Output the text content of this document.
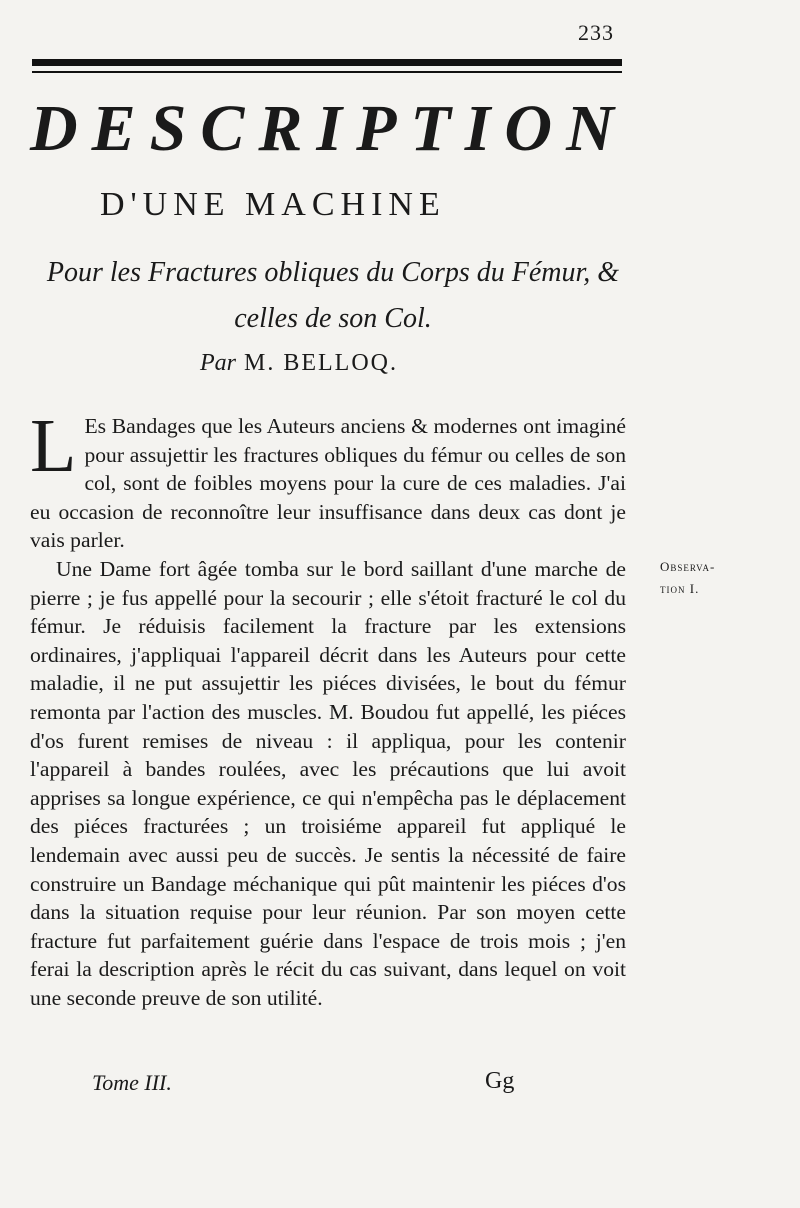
233
DESCRIPTION
D'UNE MACHINE
Pour les Fractures obliques du Corps du Fémur, & celles de son Col.
Par M. BELLOQ.

L Es Bandages que les Auteurs anciens & modernes ont imaginé pour assujettir les fractures obliques du fémur ou celles de son col, sont de foibles moyens pour la cure de ces maladies. J'ai eu occasion de reconnoître leur insuffisance dans deux cas dont je vais parler.

Une Dame fort âgée tomba sur le bord saillant d'une marche de pierre ; je fus appellé pour la secourir ; elle s'étoit fracturé le col du fémur. Je réduisis facilement la fracture par les extensions ordinaires, j'appliquai l'appareil décrit dans les Auteurs pour cette maladie, il ne put assujettir les piéces divisées, le bout du fémur remonta par l'action des muscles. M. Boudou fut appellé, les piéces d'os furent remises de niveau : il appliqua, pour les contenir l'appareil à bandes roulées, avec les précautions que lui avoit apprises sa longue expérience, ce qui n'empêcha pas le déplacement des piéces fracturées ; un troisiéme appareil fut appliqué le lendemain avec aussi peu de succès. Je sentis la nécessité de faire construire un Bandage méchanique qui pût maintenir les piéces d'os dans la situation requise pour leur réunion. Par son moyen cette fracture fut parfaitement guérie dans l'espace de trois mois ; j'en ferai la description après le récit du cas suivant, dans lequel on voit une seconde preuve de son utilité.

Observa-
tion I.
Tome III.	Gg
